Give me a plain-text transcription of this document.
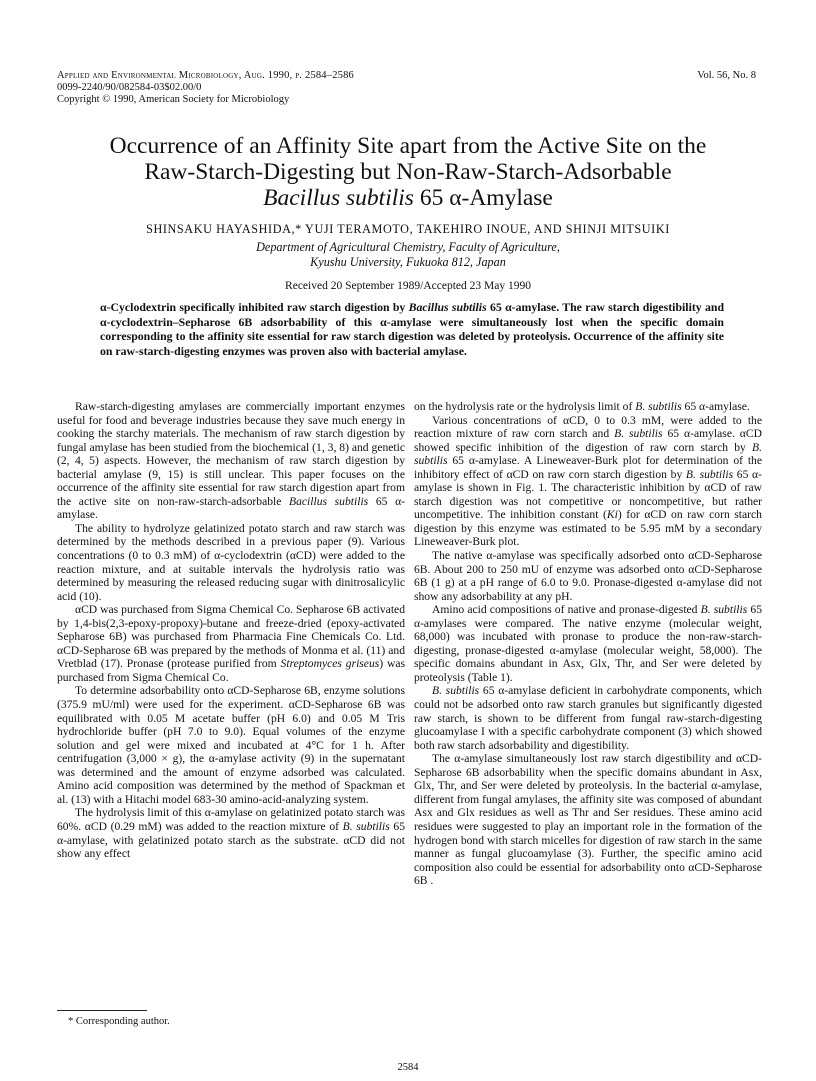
Applied and Environmental Microbiology, Aug. 1990, p. 2584–2586
0099-2240/90/082584-03$02.00/0
Copyright © 1990, American Society for Microbiology
Vol. 56, No. 8
Occurrence of an Affinity Site apart from the Active Site on the
Raw-Starch-Digesting but Non-Raw-Starch-Adsorbable
Bacillus subtilis 65 α-Amylase
SHINSAKU HAYASHIDA,* YUJI TERAMOTO, TAKEHIRO INOUE, AND SHINJI MITSUIKI
Department of Agricultural Chemistry, Faculty of Agriculture,
Kyushu University, Fukuoka 812, Japan
Received 20 September 1989/Accepted 23 May 1990
α-Cyclodextrin specifically inhibited raw starch digestion by Bacillus subtilis 65 α-amylase. The raw starch digestibility and α-cyclodextrin–Sepharose 6B adsorbability of this α-amylase were simultaneously lost when the specific domain corresponding to the affinity site essential for raw starch digestion was deleted by proteolysis. Occurrence of the affinity site on raw-starch-digesting enzymes was proven also with bacterial amylase.

Raw-starch-digesting amylases are commercially important enzymes useful for food and beverage industries because they save much energy in cooking the starchy materials. The mechanism of raw starch digestion by fungal amylase has been studied from the biochemical (1, 3, 8) and genetic (2, 4, 5) aspects. However, the mechanism of raw starch digestion by bacterial amylase (9, 15) is still unclear. This paper focuses on the occurrence of the affinity site essential for raw starch digestion apart from the active site on non-raw-starch-adsorbable Bacillus subtilis 65 α-amylase.

The ability to hydrolyze gelatinized potato starch and raw starch was determined by the methods described in a previous paper (9). Various concentrations (0 to 0.3 mM) of α-cyclodextrin (αCD) were added to the reaction mixture, and at suitable intervals the hydrolysis ratio was determined by measuring the released reducing sugar with dinitrosalicylic acid (10).

αCD was purchased from Sigma Chemical Co. Sepharose 6B activated by 1,4-bis(2,3-epoxy-propoxy)-butane and freeze-dried (epoxy-activated Sepharose 6B) was purchased from Pharmacia Fine Chemicals Co. Ltd. αCD-Sepharose 6B was prepared by the methods of Monma et al. (11) and Vretblad (17). Pronase (protease purified from Streptomyces griseus) was purchased from Sigma Chemical Co.

To determine adsorbability onto αCD-Sepharose 6B, enzyme solutions (375.9 mU/ml) were used for the experiment. αCD-Sepharose 6B was equilibrated with 0.05 M acetate buffer (pH 6.0) and 0.05 M Tris hydrochloride buffer (pH 7.0 to 9.0). Equal volumes of the enzyme solution and gel were mixed and incubated at 4°C for 1 h. After centrifugation (3,000 × g), the α-amylase activity (9) in the supernatant was determined and the amount of enzyme adsorbed was calculated. Amino acid composition was determined by the method of Spackman et al. (13) with a Hitachi model 683-30 amino-acid-analyzing system.

The hydrolysis limit of this α-amylase on gelatinized potato starch was 60%. αCD (0.29 mM) was added to the reaction mixture of B. subtilis 65 α-amylase, with gelatinized potato starch as the substrate. αCD did not show any effect

on the hydrolysis rate or the hydrolysis limit of B. subtilis 65 α-amylase.

Various concentrations of αCD, 0 to 0.3 mM, were added to the reaction mixture of raw corn starch and B. subtilis 65 α-amylase. αCD showed specific inhibition of the digestion of raw corn starch by B. subtilis 65 α-amylase. A Lineweaver-Burk plot for determination of the inhibitory effect of αCD on raw corn starch digestion by B. subtilis 65 α-amylase is shown in Fig. 1. The characteristic inhibition by αCD of raw starch digestion was not competitive or noncompetitive, but rather uncompetitive. The inhibition constant (Ki) for αCD on raw corn starch digestion by this enzyme was estimated to be 5.95 mM by a secondary Lineweaver-Burk plot.

The native α-amylase was specifically adsorbed onto αCD-Sepharose 6B. About 200 to 250 mU of enzyme was adsorbed onto αCD-Sepharose 6B (1 g) at a pH range of 6.0 to 9.0. Pronase-digested α-amylase did not show any adsorbability at any pH.

Amino acid compositions of native and pronase-digested B. subtilis 65 α-amylases were compared. The native enzyme (molecular weight, 68,000) was incubated with pronase to produce the non-raw-starch-digesting, pronase-digested α-amylase (molecular weight, 58,000). The specific domains abundant in Asx, Glx, Thr, and Ser were deleted by proteolysis (Table 1).

B. subtilis 65 α-amylase deficient in carbohydrate components, which could not be adsorbed onto raw starch granules but significantly digested raw starch, is shown to be different from fungal raw-starch-digesting glucoamylase I with a specific carbohydrate component (3) which showed both raw starch adsorbability and digestibility.

The α-amylase simultaneously lost raw starch digestibility and αCD-Sepharose 6B adsorbability when the specific domains abundant in Asx, Glx, Thr, and Ser were deleted by proteolysis. In the bacterial α-amylase, different from fungal amylases, the affinity site was composed of abundant Asx and Glx residues as well as Thr and Ser residues. These amino acid residues were suggested to play an important role in the formation of the hydrogen bond with starch micelles for digestion of raw starch in the same manner as fungal glucoamylase (3). Further, the specific amino acid composition also could be essential for adsorbability onto αCD-Sepharose 6B .

* Corresponding author.
2584
